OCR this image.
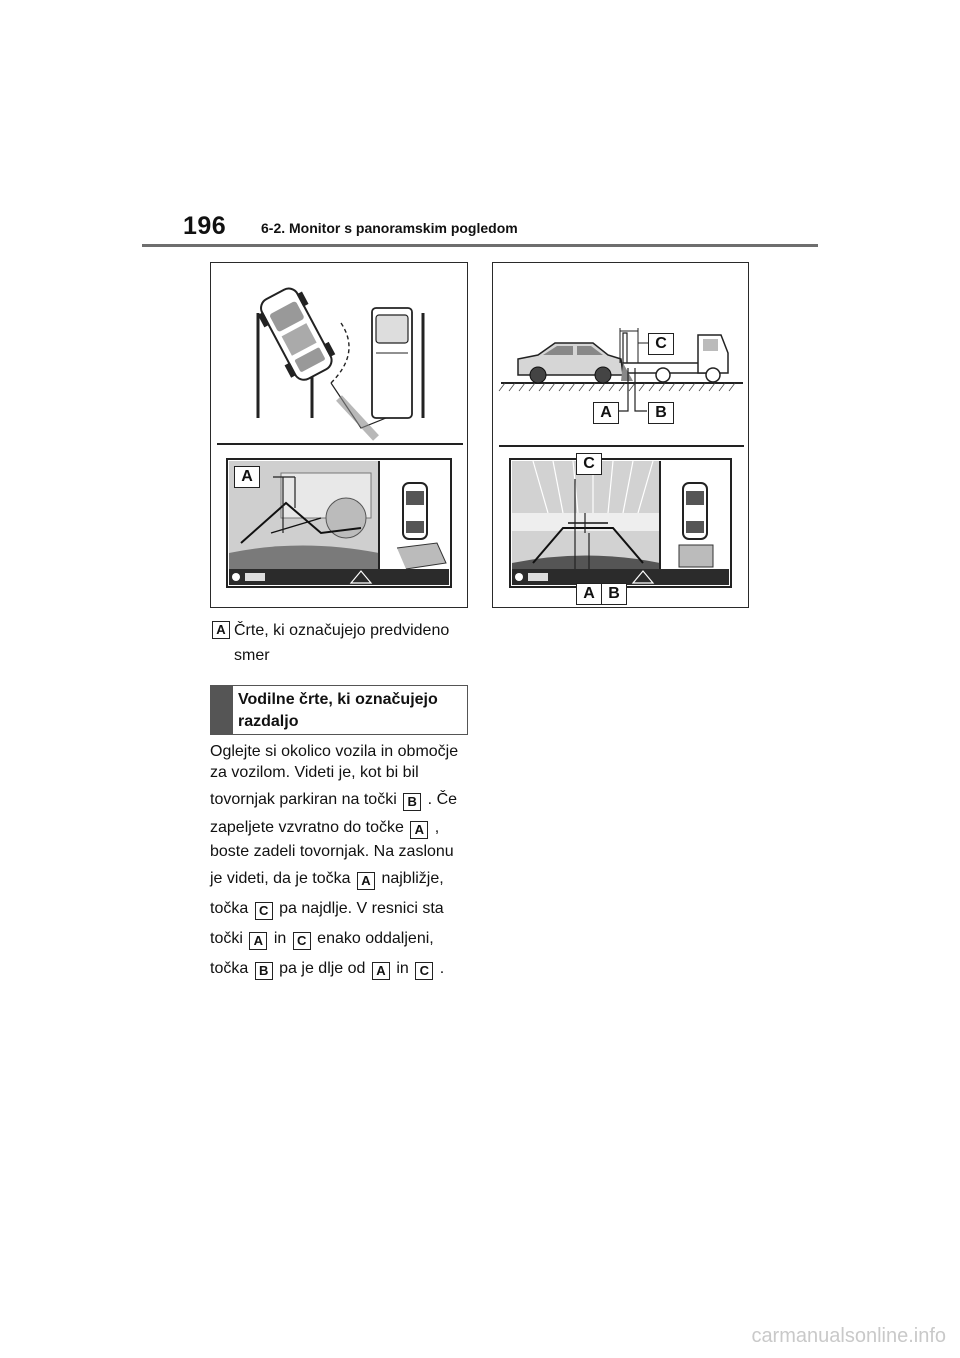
196 6-2. Monitor s panoramskim pogledom
A
C
A	B
C
A B
A Črte, ki označujejo predvideno smer
Vodilne črte, ki označujejo razdaljo
Oglejte si okolico vozila in območje
za vozilom. Videti je, kot bi bil
tovornjak parkiran na točki B . Če
zapeljete vzvratno do točke A ,
boste zadeli tovornjak. Na zaslonu
je videti, da je točka A najbližje,
točka C pa najdlje. V resnici sta
točki A in C enako oddaljeni,
točka B pa je dlje od A in C .
carmanualsonline.info
